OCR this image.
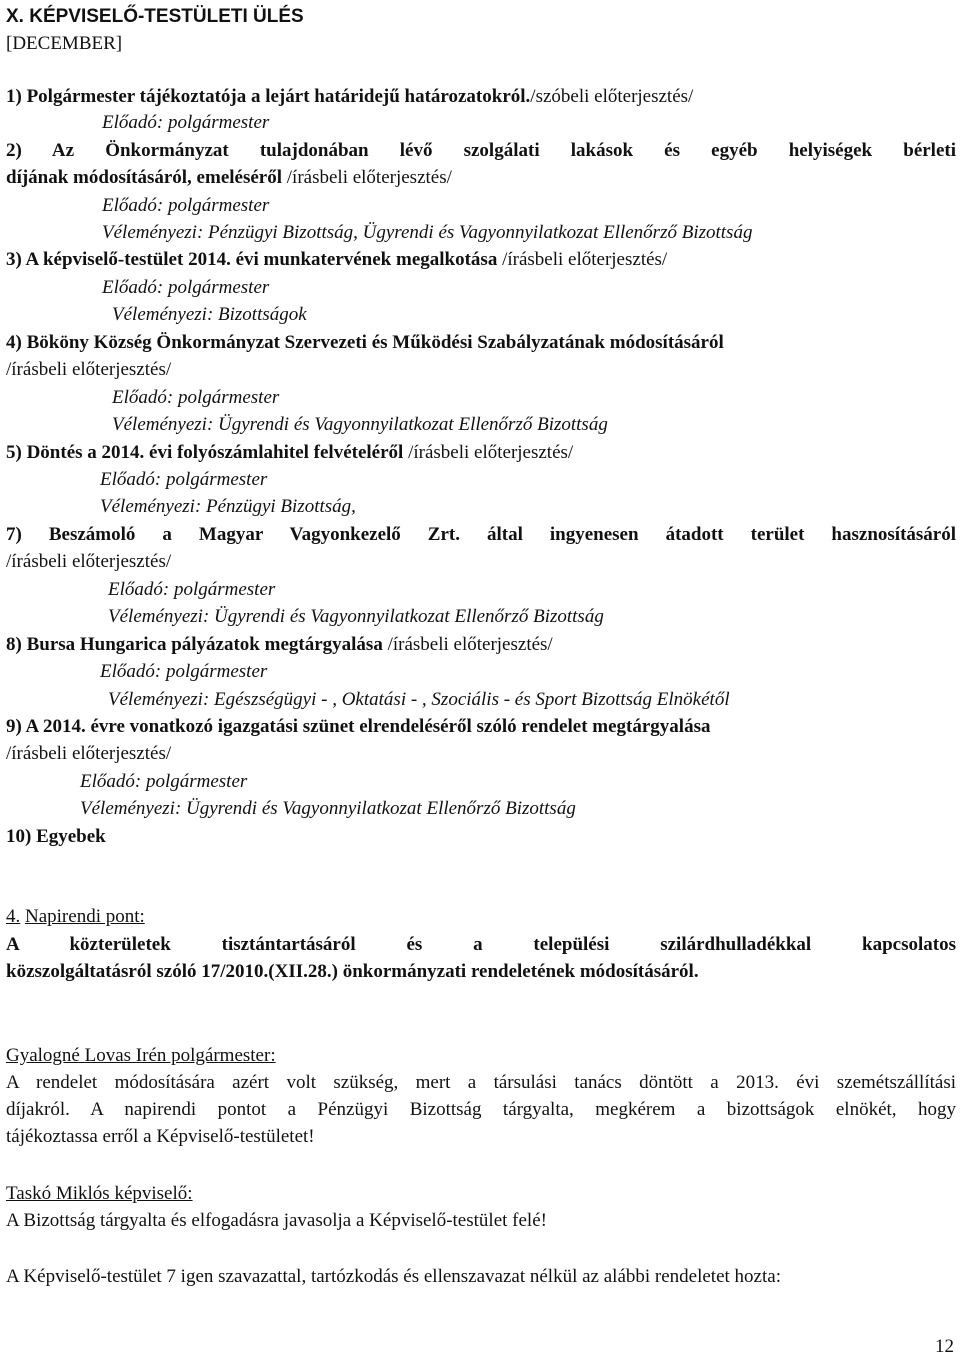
X. KÉPVISELŐ-TESTÜLETI ÜLÉS
[DECEMBER]
1) Polgármester tájékoztatója a lejárt határidejű határozatokról./szóbeli előterjesztés/
Előadó: polgármester
2) Az Önkormányzat tulajdonában lévő szolgálati lakások és egyéb helyiségek bérleti
díjának módosításáról, emeléséről /írásbeli előterjesztés/
Előadó: polgármester
Véleményezi: Pénzügyi Bizottság, Ügyrendi és Vagyonnyilatkozat Ellenőrző Bizottság
3) A képviselő-testület 2014. évi munkatervének megalkotása /írásbeli előterjesztés/
Előadó: polgármester
Véleményezi: Bizottságok
4) Bököny Község Önkormányzat Szervezeti és Működési Szabályzatának módosításáról
/írásbeli előterjesztés/
Előadó: polgármester
Véleményezi: Ügyrendi és Vagyonnyilatkozat Ellenőrző Bizottság
5) Döntés a 2014. évi folyószámlahitel felvételéről /írásbeli előterjesztés/
Előadó: polgármester
Véleményezi: Pénzügyi Bizottság,
7) Beszámoló a Magyar Vagyonkezelő Zrt. által ingyenesen átadott terület hasznosításáról
/írásbeli előterjesztés/
Előadó: polgármester
Véleményezi: Ügyrendi és Vagyonnyilatkozat Ellenőrző Bizottság
8) Bursa Hungarica pályázatok megtárgyalása /írásbeli előterjesztés/
Előadó: polgármester
Véleményezi: Egészségügyi - , Oktatási - , Szociális - és Sport Bizottság Elnökétől
9) A 2014. évre vonatkozó igazgatási szünet elrendeléséről szóló rendelet megtárgyalása
/írásbeli előterjesztés/
Előadó: polgármester
Véleményezi: Ügyrendi és Vagyonnyilatkozat Ellenőrző Bizottság
10) Egyebek
4. Napirendi pont:
A közterületek tisztántartásáról és a települési szilárdhulladékkal kapcsolatos
közszolgáltatásról szóló 17/2010.(XII.28.) önkormányzati rendeletének módosításáról.
Gyalogné Lovas Irén polgármester:
A rendelet módosítására azért volt szükség, mert a társulási tanács döntött a 2013. évi szemétszállítási
díjakról. A napirendi pontot a Pénzügyi Bizottság tárgyalta, megkérem a bizottságok elnökét, hogy
tájékoztassa erről a Képviselő-testületet!
Taskó Miklós képviselő:
A Bizottság tárgyalta és elfogadásra javasolja a Képviselő-testület felé!
A Képviselő-testület 7 igen szavazattal, tartózkodás és ellenszavazat nélkül az alábbi rendeletet hozta:
12
